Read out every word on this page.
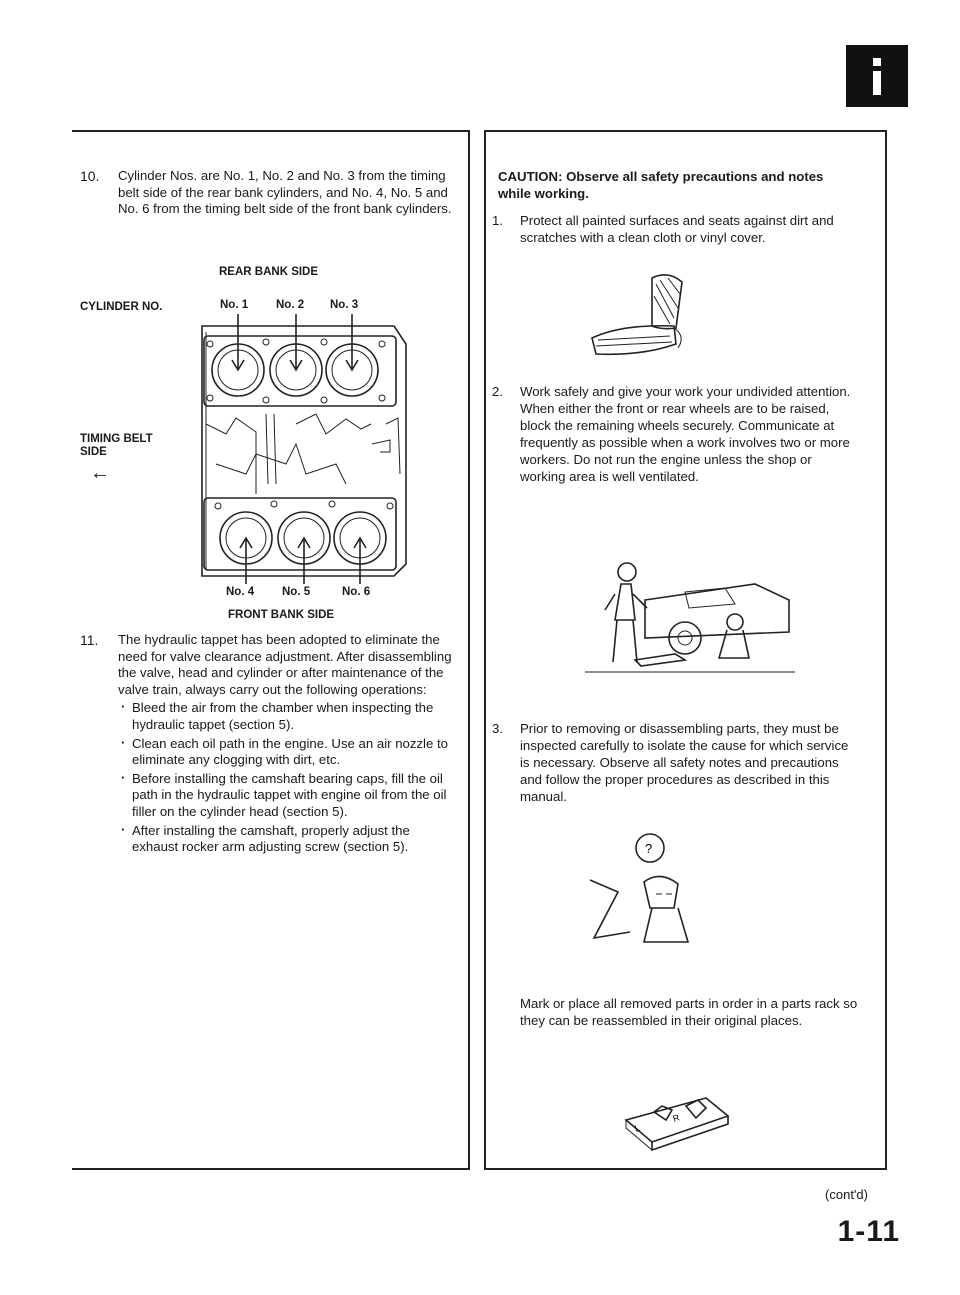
10. Cylinder Nos. are No. 1, No. 2 and No. 3 from the timing belt side of the rear bank cylinders, and No. 4, No. 5 and No. 6 from the timing belt side of the front bank cylinders.

REAR BANK SIDE
CYLINDER NO.	No. 1 No. 2 No. 3
TIMING BELT
SIDE
←
No. 4 No. 5	No. 6
FRONT BANK SIDE
11. The hydraulic tappet has been adopted to eliminate the need for valve clearance adjustment. After disassembling the valve, head and cylinder or after maintenance of the valve train, always carry out the following operations:
· Bleed the air from the chamber when inspecting the hydraulic tappet (section 5).
· Clean each oil path in the engine. Use an air nozzle to eliminate any clogging with dirt, etc.
· Before installing the camshaft bearing caps, fill the oil path in the hydraulic tappet with engine oil from the oil filler on the cylinder head (section 5).
· After installing the camshaft, properly adjust the exhaust rocker arm adjusting screw (section 5).

CAUTION: Observe all safety precautions and notes while working.

1. Protect all painted surfaces and seats against dirt and scratches with a clean cloth or vinyl cover.

2. Work safely and give your work your undivided attention. When either the front or rear wheels are to be raised, block the remaining wheels securely. Communicate at frequently as possible when a work involves two or more workers. Do not run the engine unless the shop or working area is well ventilated.

3. Prior to removing or disassembling parts, they must be inspected carefully to isolate the cause for which service is necessary. Observe all safety notes and precautions and follow the proper procedures as described in this manual.

?
Mark or place all removed parts in order in a parts rack so they can be reassembled in their original places.
L
R
(cont'd)
1-11
